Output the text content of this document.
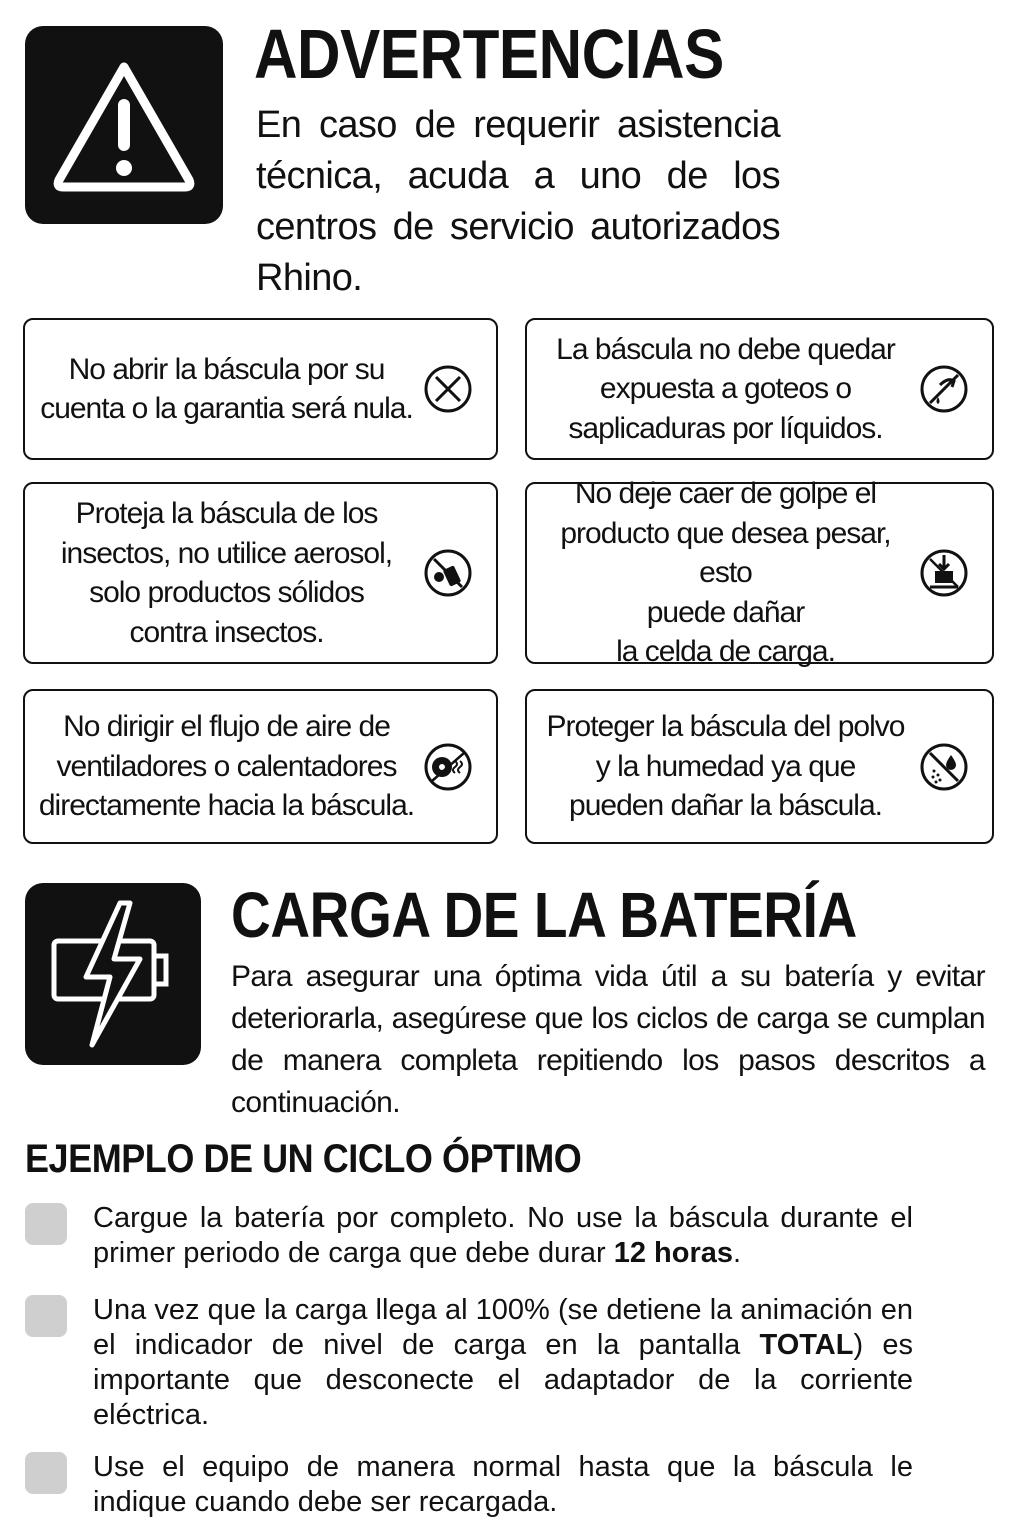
ADVERTENCIAS

En caso de requerir asistencia técnica, acuda a uno de los centros de servicio autorizados Rhino.

No abrir la báscula por su
cuenta o la garantia será nula.
La báscula no debe quedar
expuesta a goteos o
saplicaduras por líquidos.
Proteja la báscula de los
insectos, no utilice aerosol,
solo productos sólidos
contra insectos.
No deje caer de golpe el
producto que desea pesar, esto
puede dañar
la celda de carga.
No dirigir el flujo de aire de
ventiladores o calentadores
directamente hacia la báscula.
Proteger la báscula del polvo
y la humedad ya que
pueden dañar la báscula.
CARGA DE LA BATERÍA

Para asegurar una óptima vida útil a su batería y evitar deteriorarla, asegúrese que los ciclos de carga se cumplan de manera completa repitiendo los pasos descritos a continuación.

EJEMPLO DE UN CICLO ÓPTIMO
Cargue la batería por completo. No use la báscula durante el primer periodo de carga que debe durar 12 horas.
Una vez que la carga llega al 100% (se detiene la animación en el indicador de nivel de carga en la pantalla TOTAL) es importante que desconecte el adaptador de la corriente eléctrica.
Use el equipo de manera normal hasta que la báscula le indique cuando debe ser recargada.
